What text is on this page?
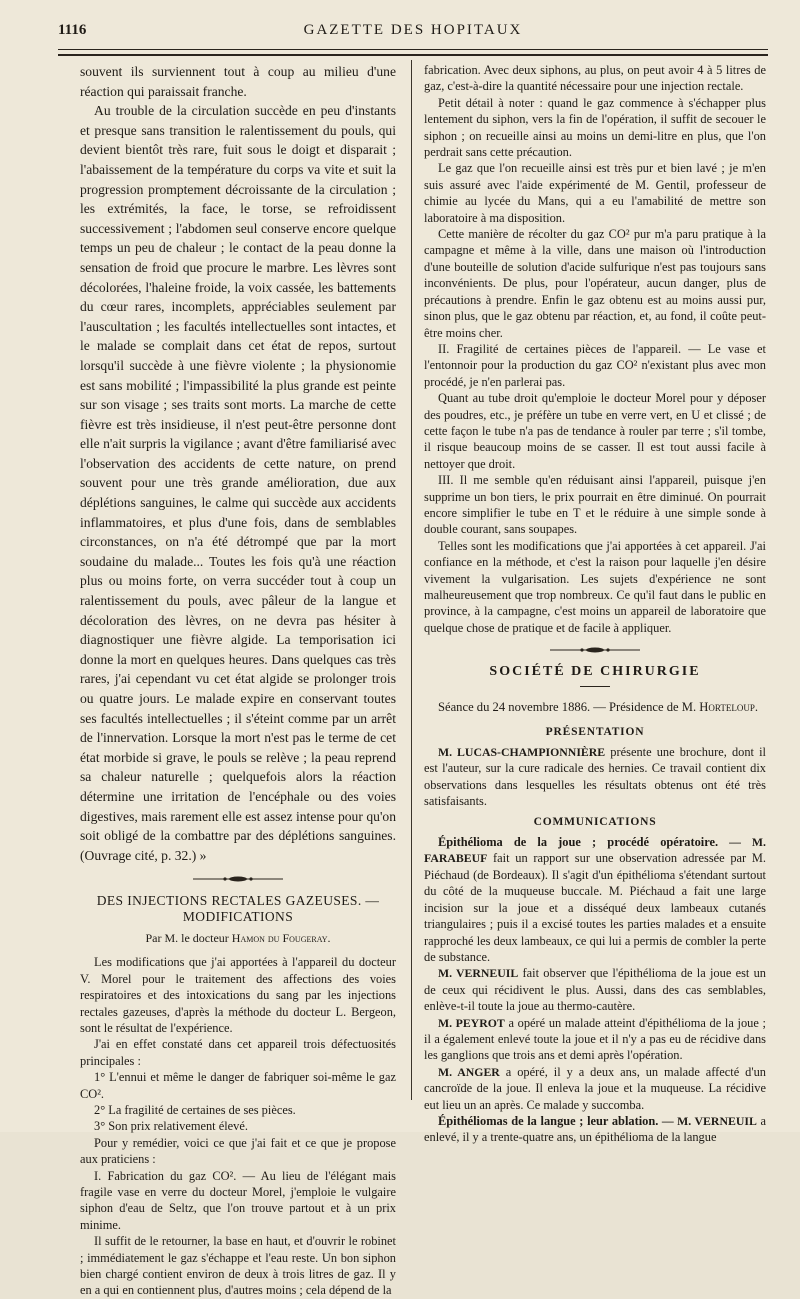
1116	GAZETTE DES HOPITAUX

souvent ils surviennent tout à coup au milieu d'une réaction qui paraissait franche.

Au trouble de la circulation succède en peu d'instants et presque sans transition le ralentissement du pouls, qui devient bientôt très rare, fuit sous le doigt et disparait ; l'abaissement de la température du corps va vite et suit la progression promptement décroissante de la circulation ; les extrémités, la face, le torse, se refroidissent successivement ; l'abdomen seul conserve encore quelque temps un peu de chaleur ; le contact de la peau donne la sensation de froid que procure le marbre. Les lèvres sont décolorées, l'haleine froide, la voix cassée, les battements du cœur rares, incomplets, appréciables seulement par l'auscultation ; les facultés intellectuelles sont intactes, et le malade se complait dans cet état de repos, surtout lorsqu'il succède à une fièvre violente ; la physionomie est sans mobilité ; l'impassibilité la plus grande est peinte sur son visage ; ses traits sont morts. La marche de cette fièvre est très insidieuse, il n'est peut-être personne dont elle n'ait surpris la vigilance ; avant d'être familiarisé avec l'observation des accidents de cette nature, on prend souvent pour une très grande amélioration, due aux déplétions sanguines, le calme qui succède aux accidents inflammatoires, et plus d'une fois, dans de semblables circonstances, on n'a été détrompé que par la mort soudaine du malade... Toutes les fois qu'à une réaction plus ou moins forte, on verra succéder tout à coup un ralentissement du pouls, avec pâleur de la langue et décoloration des lèvres, on ne devra pas hésiter à diagnostiquer une fièvre algide. La temporisation ici donne la mort en quelques heures. Dans quelques cas très rares, j'ai cependant vu cet état algide se prolonger trois ou quatre jours. Le malade expire en conservant toutes ses facultés intellectuelles ; il s'éteint comme par un arrêt de l'innervation. Lorsque la mort n'est pas le terme de cet état morbide si grave, le pouls se relève ; la peau reprend sa chaleur naturelle ; quelquefois alors la réaction détermine une irritation de l'encéphale ou des voies digestives, mais rarement elle est assez intense pour qu'on soit obligé de la combattre par des déplétions sanguines. (Ouvrage cité, p. 32.) »

DES INJECTIONS RECTALES GAZEUSES. — MODIFICATIONS
Par M. le docteur Hamon du Fougeray.

Les modifications que j'ai apportées à l'appareil du docteur V. Morel pour le traitement des affections des voies respiratoires et des intoxications du sang par les injections rectales gazeuses, d'après la méthode du docteur L. Bergeon, sont le résultat de l'expérience.

J'ai en effet constaté dans cet appareil trois défectuosités principales :

1° L'ennui et même le danger de fabriquer soi-même le gaz CO².

2° La fragilité de certaines de ses pièces.

3° Son prix relativement élevé.

Pour y remédier, voici ce que j'ai fait et ce que je propose aux praticiens :

I. Fabrication du gaz CO². — Au lieu de l'élégant mais fragile vase en verre du docteur Morel, j'emploie le vulgaire siphon d'eau de Seltz, que l'on trouve partout et à un prix minime.

Il suffit de le retourner, la base en haut, et d'ouvrir le robinet ; immédiatement le gaz s'échappe et l'eau reste. Un bon siphon bien chargé contient environ de deux à trois litres de gaz. Il y en a qui en contiennent plus, d'autres moins ; cela dépend de la

fabrication. Avec deux siphons, au plus, on peut avoir 4 à 5 litres de gaz, c'est-à-dire la quantité nécessaire pour une injection rectale.

Petit détail à noter : quand le gaz commence à s'échapper plus lentement du siphon, vers la fin de l'opération, il suffit de secouer le siphon ; on recueille ainsi au moins un demi-litre en plus, que l'on perdrait sans cette précaution.

Le gaz que l'on recueille ainsi est très pur et bien lavé ; je m'en suis assuré avec l'aide expérimenté de M. Gentil, professeur de chimie au lycée du Mans, qui a eu l'amabilité de mettre son laboratoire à ma disposition.

Cette manière de récolter du gaz CO² pur m'a paru pratique à la campagne et même à la ville, dans une maison où l'introduction d'une bouteille de solution d'acide sulfurique n'est pas toujours sans inconvénients. De plus, pour l'opérateur, aucun danger, plus de précautions à prendre. Enfin le gaz obtenu est au moins aussi pur, sinon plus, que le gaz obtenu par réaction, et, au fond, il coûte peut-être moins cher.

II. Fragilité de certaines pièces de l'appareil. — Le vase et l'entonnoir pour la production du gaz CO² n'existant plus avec mon procédé, je n'en parlerai pas.

Quant au tube droit qu'emploie le docteur Morel pour y déposer des poudres, etc., je préfère un tube en verre vert, en U et clissé ; de cette façon le tube n'a pas de tendance à rouler par terre ; s'il tombe, il risque beaucoup moins de se casser. Il est tout aussi facile à nettoyer que droit.

III. Il me semble qu'en réduisant ainsi l'appareil, puisque j'en supprime un bon tiers, le prix pourrait en être diminué. On pourrait encore simplifier le tube en T et le réduire à une simple sonde à double courant, sans soupapes.

Telles sont les modifications que j'ai apportées à cet appareil. J'ai confiance en la méthode, et c'est la raison pour laquelle j'en désire vivement la vulgarisation. Les sujets d'expérience ne sont malheureusement que trop nombreux. Ce qu'il faut dans le public en province, à la campagne, c'est moins un appareil de laboratoire que quelque chose de pratique et de facile à appliquer.

SOCIÉTÉ DE CHIRURGIE

Séance du 24 novembre 1886. — Présidence de M. Horteloup.

PRÉSENTATION

M. LUCAS-CHAMPIONNIÈRE présente une brochure, dont il est l'auteur, sur la cure radicale des hernies. Ce travail contient dix observations dans lesquelles les résultats obtenus ont été très satisfaisants.

COMMUNICATIONS

Épithélioma de la joue ; procédé opératoire. — M. FARABEUF fait un rapport sur une observation adressée par M. Piéchaud (de Bordeaux). Il s'agit d'un épithélioma s'étendant surtout du côté de la muqueuse buccale. M. Piéchaud a fait une large incision sur la joue et a disséqué deux lambeaux cutanés triangulaires ; puis il a excisé toutes les parties malades et a ensuite rapproché les deux lambeaux, ce qui lui a permis de combler la perte de substance.

M. VERNEUIL fait observer que l'épithélioma de la joue est un de ceux qui récidivent le plus. Aussi, dans des cas semblables, enlève-t-il toute la joue au thermo-cautère.

M. PEYROT a opéré un malade atteint d'épithélioma de la joue ; il a également enlevé toute la joue et il n'y a pas eu de récidive dans les ganglions que trois ans et demi après l'opération.

M. ANGER a opéré, il y a deux ans, un malade affecté d'un cancroïde de la joue. Il enleva la joue et la muqueuse. La récidive eut lieu un an après. Ce malade y succomba.

Épithéliomas de la langue ; leur ablation. — M. VERNEUIL a enlevé, il y a trente-quatre ans, un épithélioma de la langue
